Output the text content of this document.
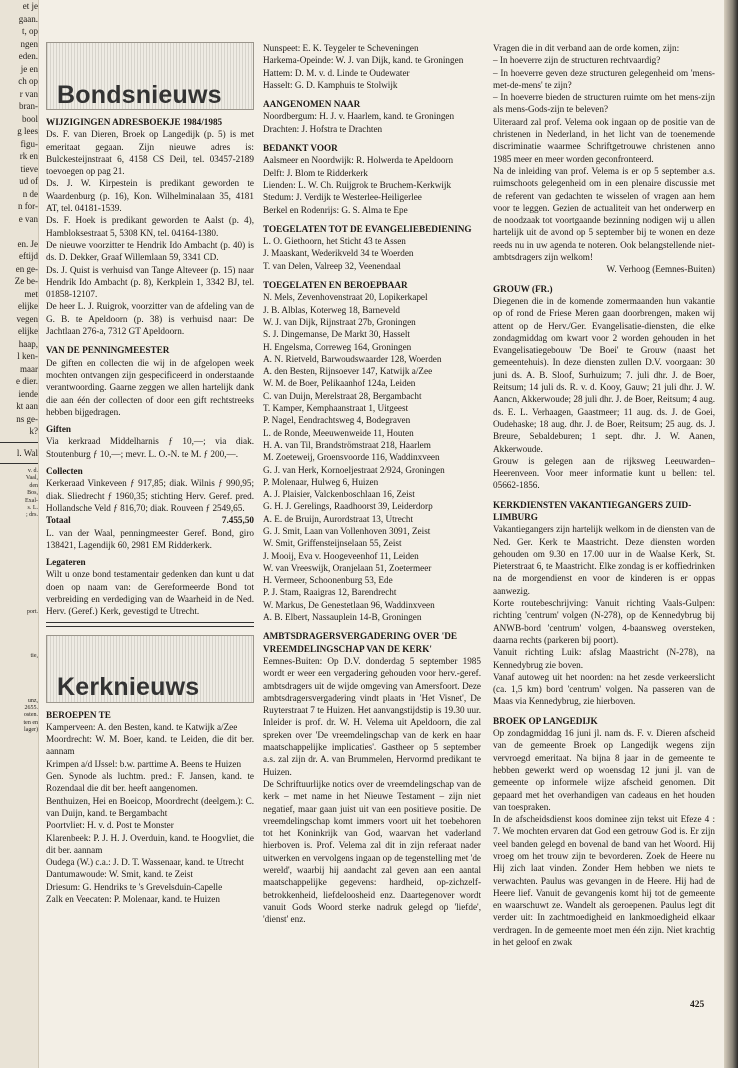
et je
gaan.
t, op
ngen
eden.
je en
ch op
r van
bran-
bool
g lees
figu-
rk en
tieve
ud of
n de
n for-
e van

en. Je
eftijd
en ge-
Ze be-
met
elijke
vegen
elijke
haap,
l ken-
maar
e dier.
iende
kt aan
ns ge-
k?
l. Wal
v. d.
Vaal,
den
Bos,
Exal-
s. L.
; drs.

port.

tie,

unz,
2655.
osten.
ten en
lager)
Bondsnieuws
WIJZIGINGEN ADRESBOEKJE 1984/1985
Ds. F. van Dieren, Broek op Langedijk (p. 5) is met emeritaat gegaan. Zijn nieuwe adres is: Bulckesteijnstraat 6, 4158 CS Deil, tel. 03457-2189 toevoegen op pag 21.
Ds. J. W. Kirpestein is predikant geworden te Waardenburg (p. 16), Kon. Wilhelminalaan 35, 4181 AT, tel. 04181-1539.
Ds. F. Hoek is predikant geworden te Aalst (p. 4), Hambloksestraat 5, 5308 KN, tel. 04164-1380.
De nieuwe voorzitter te Hendrik Ido Ambacht (p. 40) is ds. D. Dekker, Graaf Willemlaan 59, 3341 CD.
Ds. J. Quist is verhuisd van Tange Alteveer (p. 15) naar Hendrik Ido Ambacht (p. 8), Kerkplein 1, 3342 BJ, tel. 01858-12107.
De heer L. J. Ruigrok, voorzitter van de afdeling van de G. B. te Apeldoorn (p. 38) is verhuisd naar: De Jachtlaan 276-a, 7312 GT Apeldoorn.
VAN DE PENNINGMEESTER

De giften en collecten die wij in de afgelopen week mochten ontvangen zijn gespecificeerd in onderstaande verantwoording. Gaarne zeggen we allen hartelijk dank die aan één der collecten of door een gift rechtstreeks hebben bijgedragen.

Giften

Via kerkraad Middelharnis ƒ 10,—; via diak. Stoutenburg ƒ 10,—; mevr. L. O.-N. te M. ƒ 200,—.

Collecten

Kerkeraad Vinkeveen ƒ 917,85; diak. Wilnis ƒ 990,95; diak. Sliedrecht ƒ 1960,35; stichting Herv. Geref. pred. Hollandsche Veld ƒ 816,70; diak. Rouveen ƒ 2549,65.

Totaal	7.455,50

L. van der Waal, penningmeester Geref. Bond, giro 138421, Lagendijk 60, 2981 EM Ridderkerk.

Legateren

Wilt u onze bond testamentair gedenken dan kunt u dat doen op naam van: de Gereformeerde Bond tot verbreiding en verdediging van de Waarheid in de Ned. Herv. (Geref.) Kerk, gevestigd te Utrecht.

Kerknieuws
BEROEPEN TE
Kamperveen: A. den Besten, kand. te Katwijk a/Zee
Moordrecht: W. M. Boer, kand. te Leiden, die dit ber. aannam
Krimpen a/d IJssel: b.w. parttime A. Beens te Huizen
Gen. Synode als luchtm. pred.: F. Jansen, kand. te Rozendaal die dit ber. heeft aangenomen.
Benthuizen, Hei en Boeicop, Moordrecht (deelgem.): C. van Duijn, kand. te Bergambacht
Poortvliet: H. v. d. Post te Monster
Klarenbeek: P. J. H. J. Overduin, kand. te Hoogvliet, die dit ber. aannam
Oudega (W.) c.a.: J. D. T. Wassenaar, kand. te Utrecht
Dantumawoude: W. Smit, kand. te Zeist
Driesum: G. Hendriks te 's Grevelsduin-Capelle
Zalk en Veecaten: P. Molenaar, kand. te Huizen
Nunspeet: E. K. Teygeler te Scheveningen
Harkema-Opeinde: W. J. van Dijk, kand. te Groningen
Hattem: D. M. v. d. Linde te Oudewater
Hasselt: G. D. Kamphuis te Stolwijk
AANGENOMEN NAAR
Noordbergum: H. J. v. Haarlem, kand. te Groningen
Drachten: J. Hofstra te Drachten
BEDANKT VOOR
Aalsmeer en Noordwijk: R. Holwerda te Apeldoorn
Delft: J. Blom te Ridderkerk
Lienden: L. W. Ch. Ruijgrok te Bruchem-Kerkwijk
Stedum: J. Verdijk te Westerlee-Heiligerlee
Berkel en Rodenrijs: G. S. Alma te Epe
TOEGELATEN TOT DE EVANGELIEBEDIENING
L. O. Giethoorn, het Sticht 43 te Assen
J. Maaskant, Wederikveld 34 te Woerden
T. van Delen, Valreep 32, Veenendaal
TOEGELATEN EN BEROEPBAAR
N. Mels, Zevenhovenstraat 20, Lopikerkapel
J. B. Alblas, Koterweg 18, Barneveld
W. J. van Dijk, Rijnstraat 27b, Groningen
S. J. Dingemanse, De Markt 30, Hasselt
H. Engelsma, Correweg 164, Groningen
A. N. Rietveld, Barwoudswaarder 128, Woerden
A. den Besten, Rijnsoever 147, Katwijk a/Zee
W. M. de Boer, Pelikaanhof 124a, Leiden
C. van Duijn, Merelstraat 28, Bergambacht
T. Kamper, Kemphaanstraat 1, Uitgeest
P. Nagel, Eendrachtsweg 4, Bodegraven
L. de Ronde, Meeuwenweide 11, Houten
H. A. van Til, Brandströmstraat 218, Haarlem
M. Zoeteweij, Groensvoorde 116, Waddinxveen
G. J. van Herk, Kornoeljestraat 2/924, Groningen
P. Molenaar, Hulweg 6, Huizen
A. J. Plaisier, Valckenboschlaan 16, Zeist
G. H. J. Gerelings, Raadhoorst 39, Leiderdorp
A. E. de Bruijn, Aurordstraat 13, Utrecht
G. J. Smit, Laan van Vollenhoven 3091, Zeist
W. Smit, Griffensteijnselaan 55, Zeist
J. Mooij, Eva v. Hoogeveenhof 11, Leiden
W. van Vreeswijk, Oranjelaan 51, Zoetermeer
H. Vermeer, Schoonenburg 53, Ede
P. J. Stam, Raaigras 12, Barendrecht
W. Markus, De Genestetlaan 96, Waddinxveen
A. B. Elbert, Nassauplein 14-B, Groningen
AMBTSDRAGERSVERGADERING OVER 'DE VREEMDELINGSCHAP VAN DE KERK'
Eemnes-Buiten: Op D.V. donderdag 5 september 1985 wordt er weer een vergadering gehouden voor herv.-geref. ambtsdragers uit de wijde omgeving van Amersfoort. Deze ambtsdragersvergadering vindt plaats in 'Het Visnet', De Ruyterstraat 7 te Huizen. Het aanvangstijdstip is 19.30 uur. Inleider is prof. dr. W. H. Velema uit Apeldoorn, die zal spreken over 'De vreemdelingschap van de kerk en haar maatschappelijke implicaties'. Gastheer op 5 september a.s. zal zijn dr. A. van Brummelen, Hervormd predikant te Huizen.
De Schriftuurlijke notics over de vreemdelingschap van de kerk – met name in het Nieuwe Testament – zijn niet negatief, maar gaan juist uit van een positieve positie. De vreemdelingschap komt immers voort uit het toebehoren tot het Koninkrijk van God, waarvan het vaderland hierboven is. Prof. Velema zal dit in zijn referaat nader uitwerken en vervolgens ingaan op de tegenstelling met 'de wereld', waarbij hij aandacht zal geven aan een aantal maatschappelijke gegevens: hardheid, op-zichzelf-betrokkenheid, liefdeloosheid enz. Daartegenover wordt vanuit Gods Woord sterke nadruk gelegd op 'liefde', 'dienst' enz.

Vragen die in dit verband aan de orde komen, zijn:

– In hoeverre zijn de structuren rechtvaardig?
– In hoeverre geven deze structuren gelegenheid om 'mens-met-de-mens' te zijn?
– In hoeverre bieden de structuren ruimte om het mens-zijn als mens-Gods-zijn te beleven?
Uiteraard zal prof. Velema ook ingaan op de positie van de christenen in Nederland, in het licht van de toenemende discriminatie waarmee Schriftgetrouwe christenen anno 1985 meer en meer worden geconfronteerd.
Na de inleiding van prof. Velema is er op 5 september a.s. ruimschoots gelegenheid om in een plenaire discussie met de referent van gedachten te wisselen of vragen aan hem voor te leggen. Gezien de actualiteit van het onderwerp en de noodzaak tot voortgaande bezinning nodigen wij u allen hartelijk uit de avond op 5 september bij te wonen en deze reeds nu in uw agenda te noteren. Ook belangstellende niet-ambtsdragers zijn welkom!
W. Verhoog (Eemnes-Buiten)
GROUW (FR.)
Diegenen die in de komende zomermaanden hun vakantie op of rond de Friese Meren gaan doorbrengen, maken wij attent op de Herv./Ger. Evangelisatie-diensten, die elke zondagmiddag om kwart voor 2 worden gehouden in het Evangelisatiegebouw 'De Boei' te Grouw (naast het gemeentehuis). In deze diensten zullen D.V. voorgaan: 30 juni ds. A. B. Sloof, Surhuizum; 7. juli dhr. J. de Boer, Reitsum; 14 juli ds. R. v. d. Kooy, Gauw; 21 juli dhr. J. W. Aancn, Akkerwoude; 28 juli dhr. J. de Boer, Reitsum; 4 aug. ds. E. L. Verhaagen, Gaastmeer; 11 aug. ds. J. de Goei, Oudehaske; 18 aug. dhr. J. de Boer, Reitsum; 25 aug. ds. J. Breure, Sebaldeburen; 1 sept. dhr. J. W. Aanen, Akkerwoude.
Grouw is gelegen aan de rijksweg Leeuwarden–Heerenveen. Voor meer informatie kunt u bellen: tel. 05662-1856.
KERKDIENSTEN VAKANTIEGANGERS ZUID-LIMBURG
Vakantiegangers zijn hartelijk welkom in de diensten van de Ned. Ger. Kerk te Maastricht. Deze diensten worden gehouden om 9.30 en 17.00 uur in de Waalse Kerk, St. Pieterstraat 6, te Maastricht. Elke zondag is er koffiedrinken na de morgendienst en voor de kinderen is er oppas aanwezig.
Korte routebeschrijving: Vanuit richting Vaals-Gulpen: richting 'centrum' volgen (N-278), op de Kennedybrug bij ANWB-bord 'centrum' volgen, 4-baansweg oversteken, daarna rechts (parkeren bij poort).
Vanuit richting Luik: afslag Maastricht (N-278), na Kennedybrug zie boven.
Vanaf autoweg uit het noorden: na het zesde verkeerslicht (ca. 1,5 km) bord 'centrum' volgen. Na passeren van de Maas via Kennedybrug, zie hierboven.
BROEK OP LANGEDIJK
Op zondagmiddag 16 juni jl. nam ds. F. v. Dieren afscheid van de gemeente Broek op Langedijk wegens zijn vervroegd emeritaat. Na bijna 8 jaar in de gemeente te hebben gewerkt werd op woensdag 12 juni jl. van de gemeente op informele wijze afscheid genomen. Dit gepaard met het overhandigen van cadeaus en het houden van toespraken.
In de afscheidsdienst koos dominee zijn tekst uit Efeze 4 : 7. We mochten ervaren dat God een getrouw God is. Er zijn veel banden gelegd en bovenal de band van het Woord. Hij vroeg om het trouw zijn te bevorderen. Zoek de Heere nu Hij zich laat vinden. Zonder Hem hebben we niets te verwachten. Paulus was gevangen in de Heere. Hij had de Heere lief. Vanuit de gevangenis komt hij tot de gemeente en waarschuwt ze. Wandelt als geroepenen. Paulus legt dit verder uit: In zachtmoedigheid en lankmoedigheid elkaar verdragen. In de gemeente moet men één zijn. Niet krachtig in het geloof en zwak
425
